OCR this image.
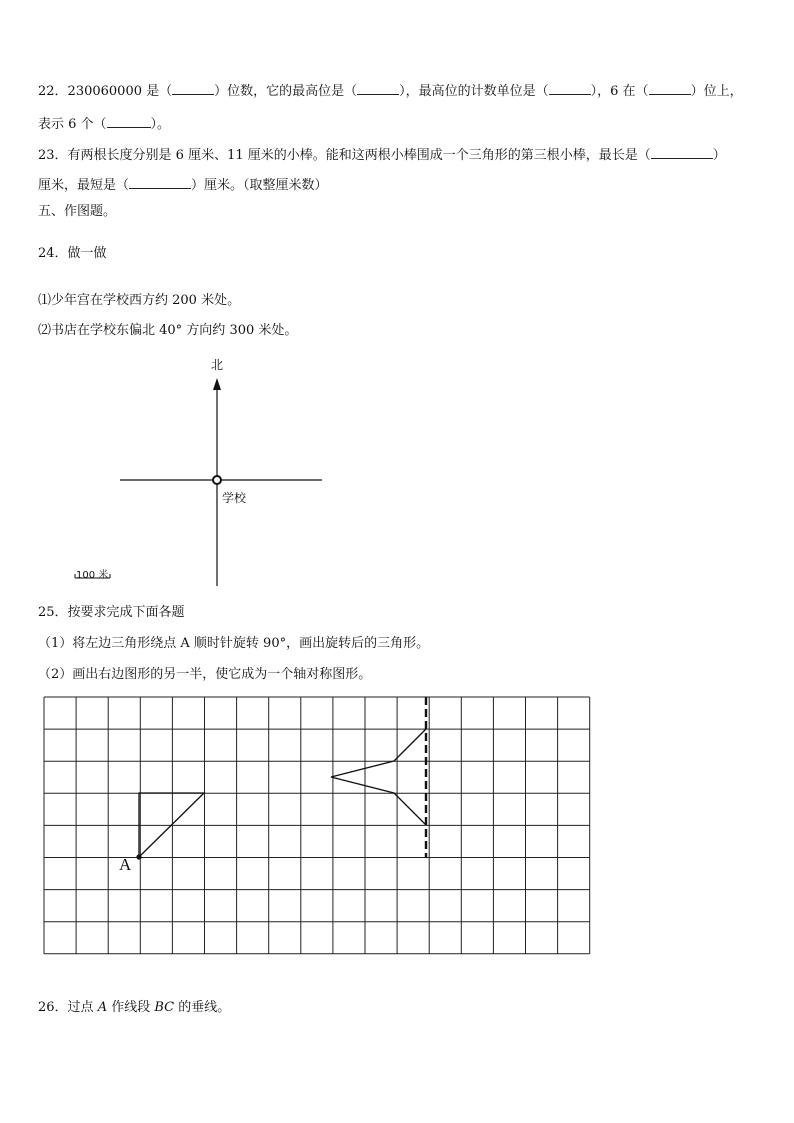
22．230060000 是（	）位数，它的最高位是（	），最高位的计数单位是（	），6 在（	）位上，
表示 6 个（	）。
23．有两根长度分别是 6 厘米、11 厘米的小棒。能和这两根小棒围成一个三角形的第三根小棒，最长是（	）
厘米，最短是（	）厘米。（取整厘米数）
五、作图题。
24．做一做
⑴少年宫在学校西方约 200 米处。
⑵书店在学校东偏北 40° 方向约 300 米处。
北
学校
100 米
25．按要求完成下面各题
（1）将左边三角形绕点 A 顺时针旋转 90°，画出旋转后的三角形。
（2）画出右边图形的另一半，使它成为一个轴对称图形。
A
26．过点 A 作线段 BC 的垂线。
